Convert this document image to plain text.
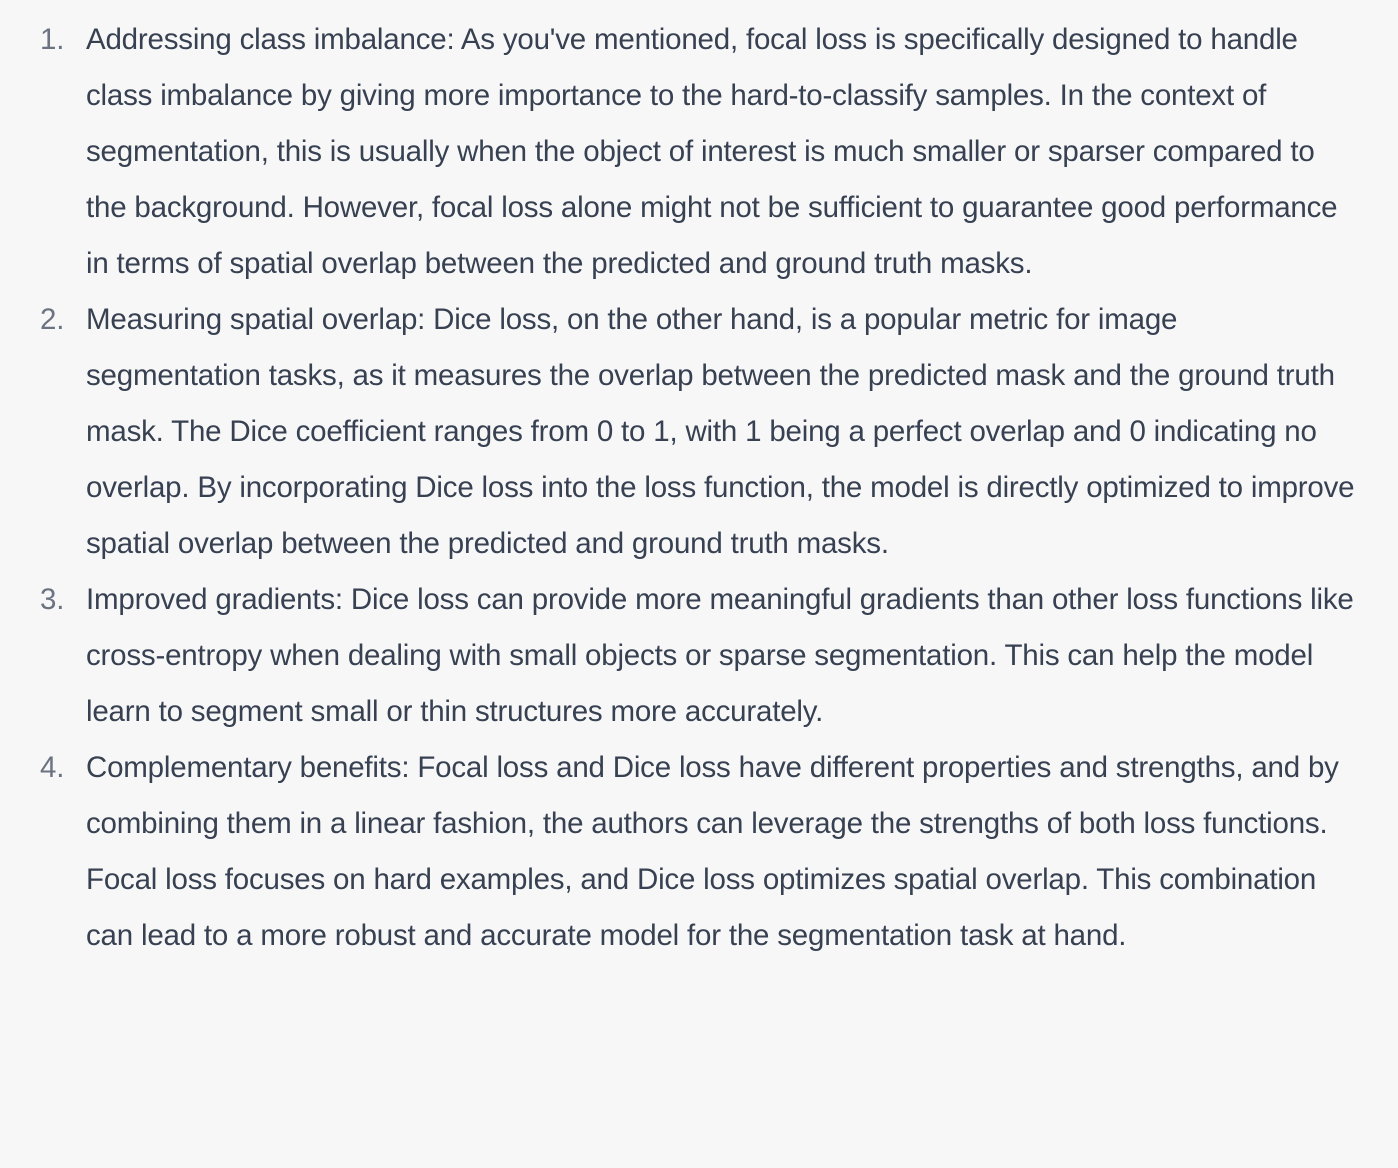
1. Addressing class imbalance: As you've mentioned, focal loss is specifically designed to handle class imbalance by giving more importance to the hard-to-classify samples. In the context of segmentation, this is usually when the object of interest is much smaller or sparser compared to the background. However, focal loss alone might not be sufficient to guarantee good performance in terms of spatial overlap between the predicted and ground truth masks.
2. Measuring spatial overlap: Dice loss, on the other hand, is a popular metric for image segmentation tasks, as it measures the overlap between the predicted mask and the ground truth mask. The Dice coefficient ranges from 0 to 1, with 1 being a perfect overlap and 0 indicating no overlap. By incorporating Dice loss into the loss function, the model is directly optimized to improve spatial overlap between the predicted and ground truth masks.
3. Improved gradients: Dice loss can provide more meaningful gradients than other loss functions like cross-entropy when dealing with small objects or sparse segmentation. This can help the model learn to segment small or thin structures more accurately.
4. Complementary benefits: Focal loss and Dice loss have different properties and strengths, and by combining them in a linear fashion, the authors can leverage the strengths of both loss functions. Focal loss focuses on hard examples, and Dice loss optimizes spatial overlap. This combination can lead to a more robust and accurate model for the segmentation task at hand.
